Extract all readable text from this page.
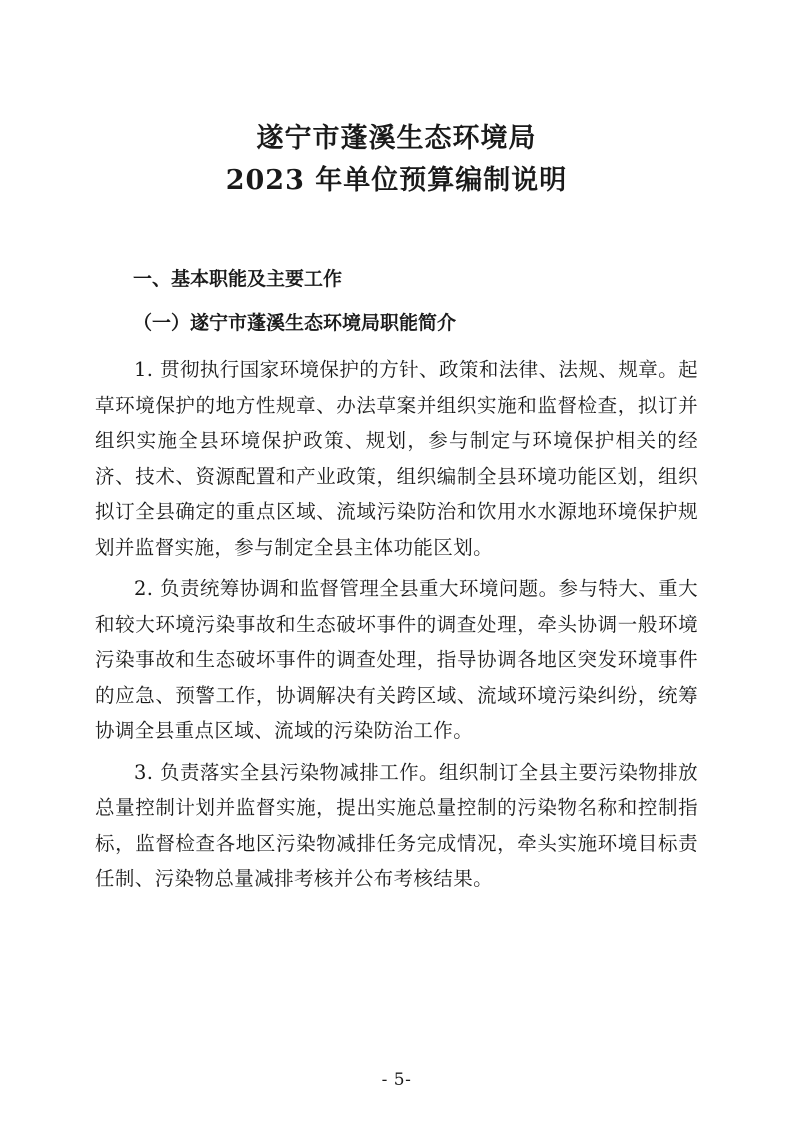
遂宁市蓬溪生态环境局
2023 年单位预算编制说明
一、基本职能及主要工作
（一）遂宁市蓬溪生态环境局职能简介

1. 贯彻执行国家环境保护的方针、政策和法律、法规、规章。起草环境保护的地方性规章、办法草案并组织实施和监督检查，拟订并组织实施全县环境保护政策、规划，参与制定与环境保护相关的经济、技术、资源配置和产业政策，组织编制全县环境功能区划，组织拟订全县确定的重点区域、流域污染防治和饮用水水源地环境保护规划并监督实施，参与制定全县主体功能区划。

2. 负责统筹协调和监督管理全县重大环境问题。参与特大、重大和较大环境污染事故和生态破坏事件的调查处理，牵头协调一般环境污染事故和生态破坏事件的调查处理，指导协调各地区突发环境事件的应急、预警工作，协调解决有关跨区域、流域环境污染纠纷，统筹协调全县重点区域、流域的污染防治工作。

3. 负责落实全县污染物减排工作。组织制订全县主要污染物排放总量控制计划并监督实施，提出实施总量控制的污染物名称和控制指标，监督检查各地区污染物减排任务完成情况，牵头实施环境目标责任制、污染物总量减排考核并公布考核结果。

- 5-
